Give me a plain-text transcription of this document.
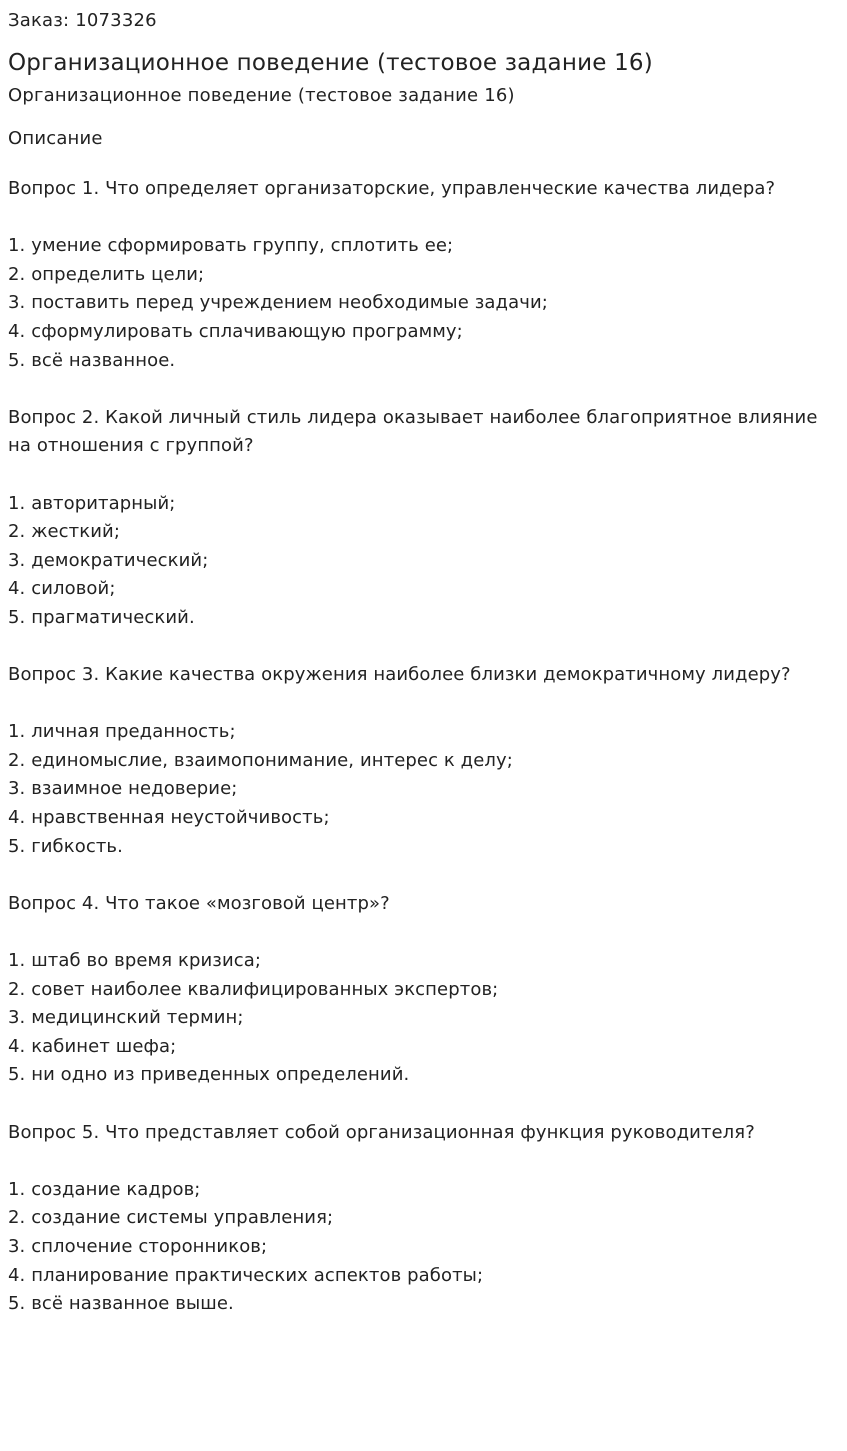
Заказ: 1073326

Организационное поведение (тестовое задание 16)

Организационное поведение (тестовое задание 16)

Описание

Вопрос 1. Что определяет организаторские, управленческие качества лидера?

1. умение сформировать группу, сплотить ее;
2. определить цели;
3. поставить перед учреждением необходимые задачи;
4. сформулировать сплачивающую программу;
5. всё названное.

Вопрос 2. Какой личный стиль лидера оказывает наиболее благоприятное влияние
на отношения с группой?

1. авторитарный;
2. жесткий;
3. демократический;
4. силовой;
5. прагматический.

Вопрос 3. Какие качества окружения наиболее близки демократичному лидеру?

1. личная преданность;
2. единомыслие, взаимопонимание, интерес к делу;
3. взаимное недоверие;
4. нравственная неустойчивость;
5. гибкость.

Вопрос 4. Что такое «мозговой центр»?

1. штаб во время кризиса;
2. совет наиболее квалифицированных экспертов;
3. медицинский термин;
4. кабинет шефа;
5. ни одно из приведенных определений.

Вопрос 5. Что представляет собой организационная функция руководителя?

1. создание кадров;
2. создание системы управления;
3. сплочение сторонников;
4. планирование практических аспектов работы;
5. всё названное выше.
